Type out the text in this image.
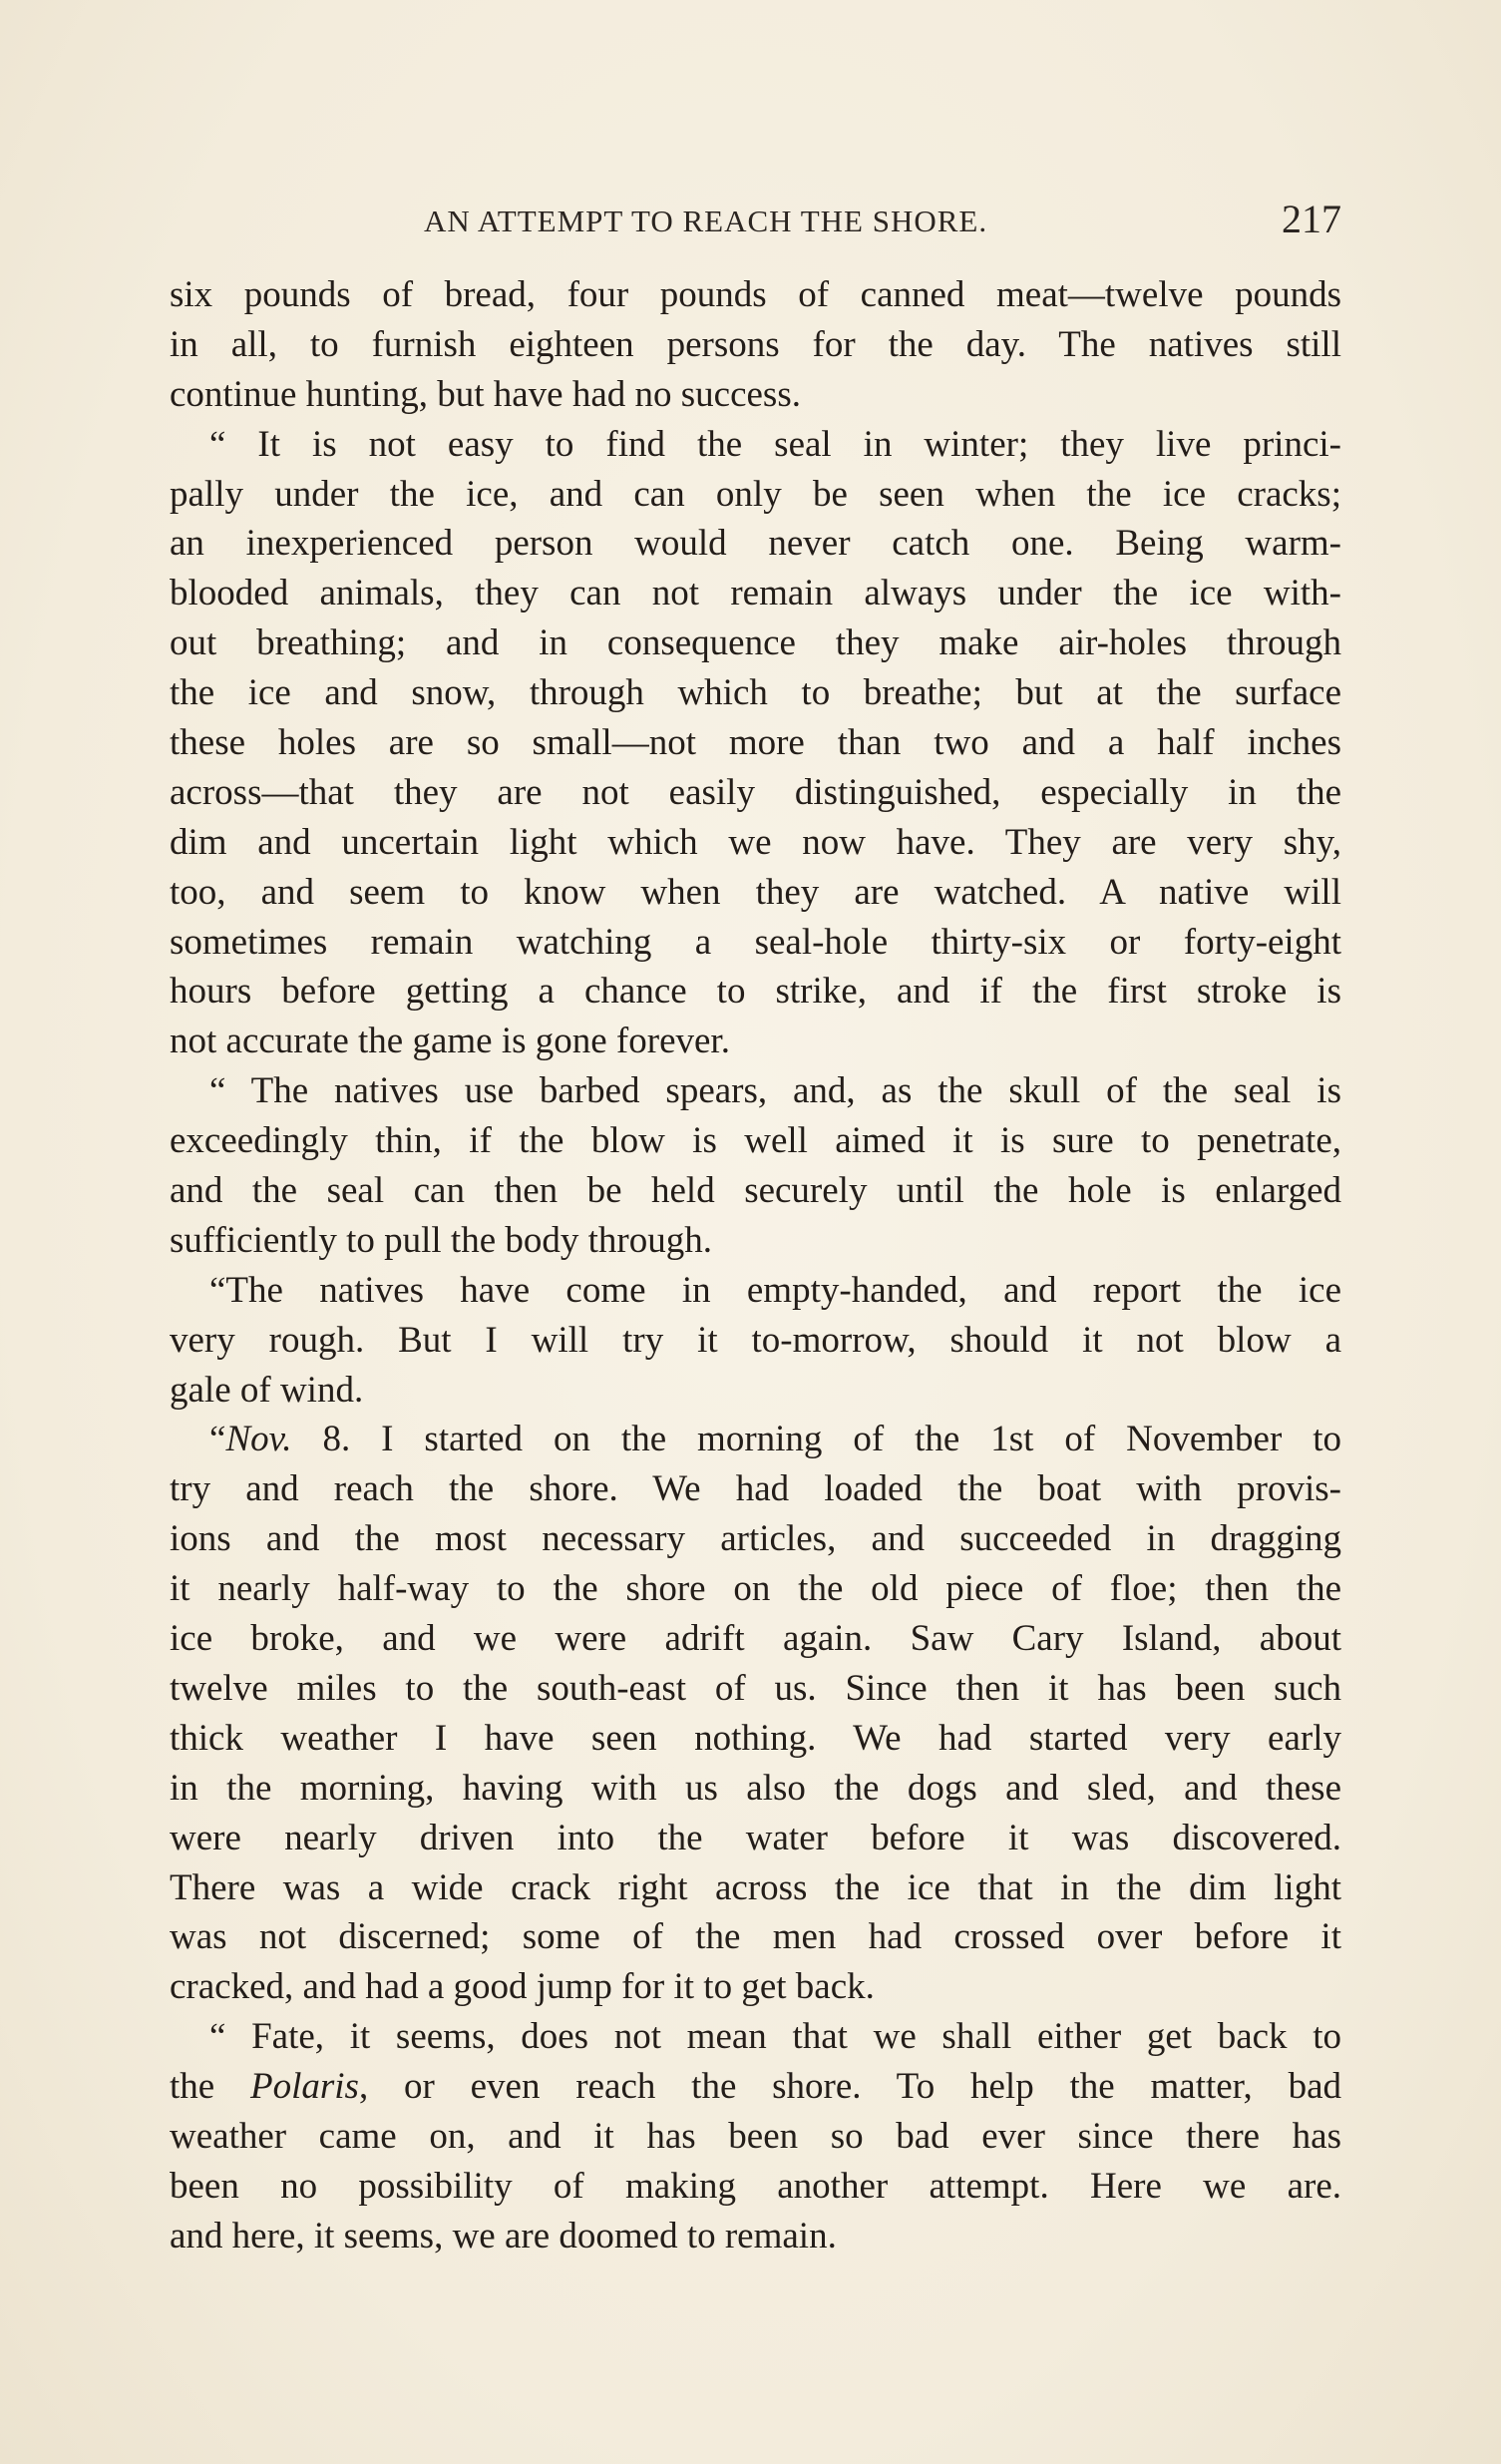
AN ATTEMPT TO REACH THE SHORE.	217
six pounds of bread, four pounds of canned meat—twelve pounds
in all, to furnish eighteen persons for the day. The natives still
continue hunting, but have had no success.
“ It is not easy to find the seal in winter; they live princi-
pally under the ice, and can only be seen when the ice cracks;
an inexperienced person would never catch one. Being warm-
blooded animals, they can not remain always under the ice with-
out breathing; and in consequence they make air-holes through
the ice and snow, through which to breathe; but at the surface
these holes are so small—not more than two and a half inches
across—that they are not easily distinguished, especially in the
dim and uncertain light which we now have. They are very shy,
too, and seem to know when they are watched. A native will
sometimes remain watching a seal-hole thirty-six or forty-eight
hours before getting a chance to strike, and if the first stroke is
not accurate the game is gone forever.
“ The natives use barbed spears, and, as the skull of the seal is
exceedingly thin, if the blow is well aimed it is sure to penetrate,
and the seal can then be held securely until the hole is enlarged
sufficiently to pull the body through.
“The natives have come in empty-handed, and report the ice
very rough. But I will try it to-morrow, should it not blow a
gale of wind.
“Nov. 8. I started on the morning of the 1st of November to
try and reach the shore. We had loaded the boat with provis-
ions and the most necessary articles, and succeeded in dragging
it nearly half-way to the shore on the old piece of floe; then the
ice broke, and we were adrift again. Saw Cary Island, about
twelve miles to the south-east of us. Since then it has been such
thick weather I have seen nothing. We had started very early
in the morning, having with us also the dogs and sled, and these
were nearly driven into the water before it was discovered.
There was a wide crack right across the ice that in the dim light
was not discerned; some of the men had crossed over before it
cracked, and had a good jump for it to get back.
“ Fate, it seems, does not mean that we shall either get back to
the Polaris, or even reach the shore. To help the matter, bad
weather came on, and it has been so bad ever since there has
been no possibility of making another attempt. Here we are.
and here, it seems, we are doomed to remain.
